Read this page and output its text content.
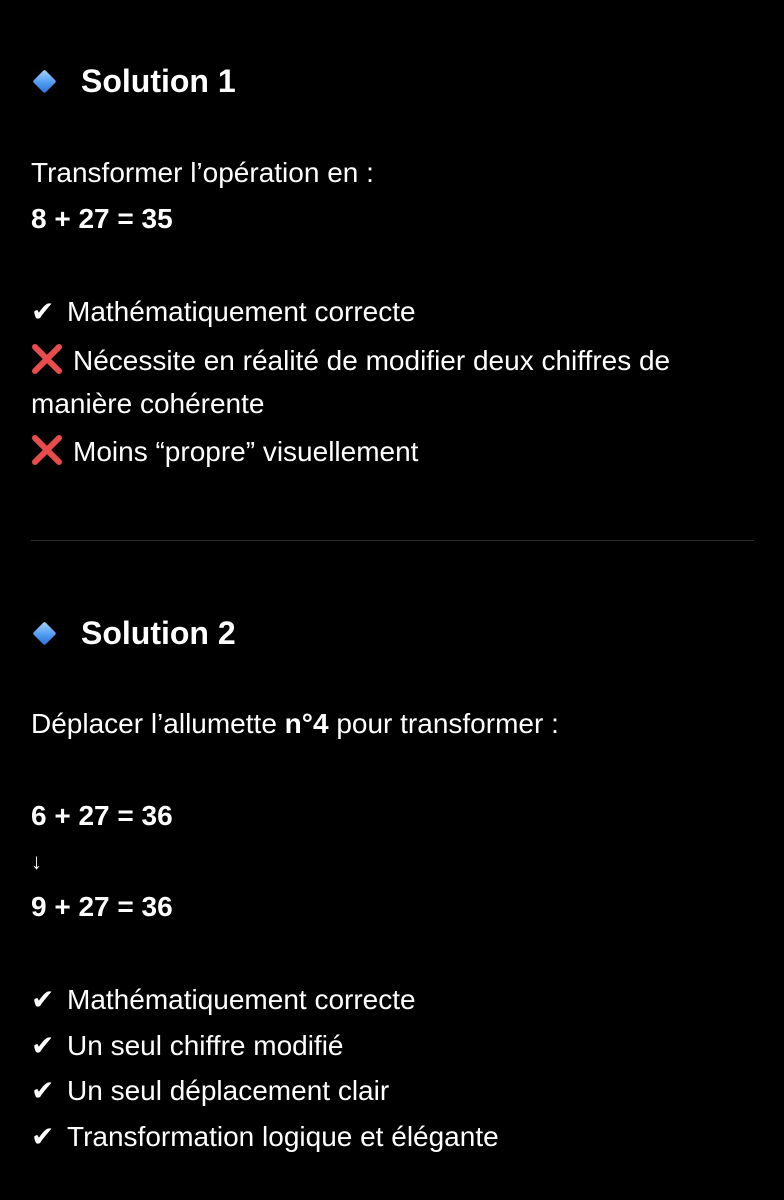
Solution 1
Transformer l’opération en :
8 + 27 = 35
✔ Mathématiquement correcte
Nécessite en réalité de modifier deux chiffres de
manière cohérente
Moins “propre” visuellement
Solution 2
Déplacer l’allumette n°4 pour transformer :
6 + 27 = 36
↓
9 + 27 = 36
✔ Mathématiquement correcte
✔ Un seul chiffre modifié
✔ Un seul déplacement clair
✔ Transformation logique et élégante
